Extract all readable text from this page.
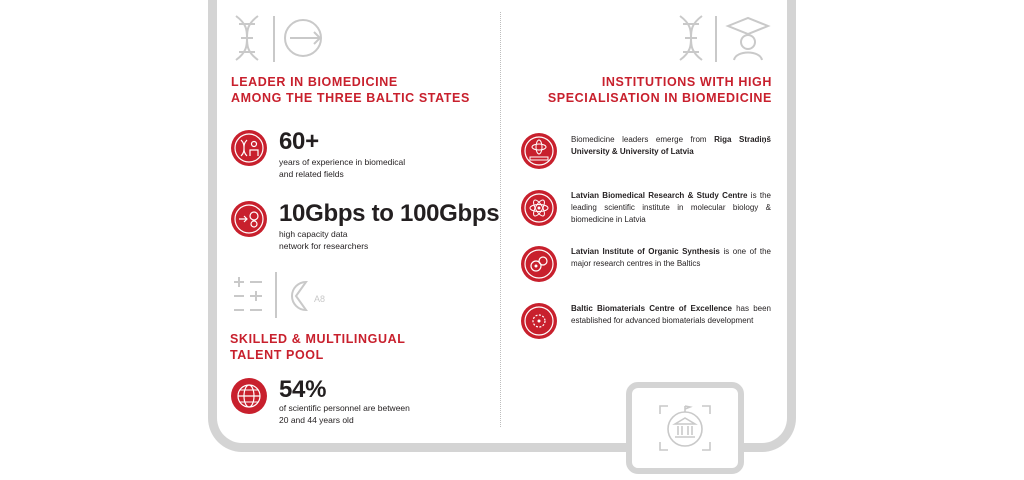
LEADER IN BIOMEDICINE
AMONG THE THREE BALTIC STATES
60+
years of experience in biomedical
and related fields
10Gbps to 100Gbps
high capacity data
network for researchers
A8
SKILLED & MULTILINGUAL
TALENT POOL
54%
of scientific personnel are between
20 and 44 years old
INSTITUTIONS WITH HIGH
SPECIALISATION IN BIOMEDICINE
Biomedicine leaders emerge from Riga Stradiņš University & University of Latvia
Latvian Biomedical Research & Study Centre is the leading scientific institute in molecular biology & biomedicine in Latvia
Latvian Institute of Organic Synthesis is one of the major research centres in the Baltics
Baltic Biomaterials Centre of Excellence has been established for advanced biomaterials development
